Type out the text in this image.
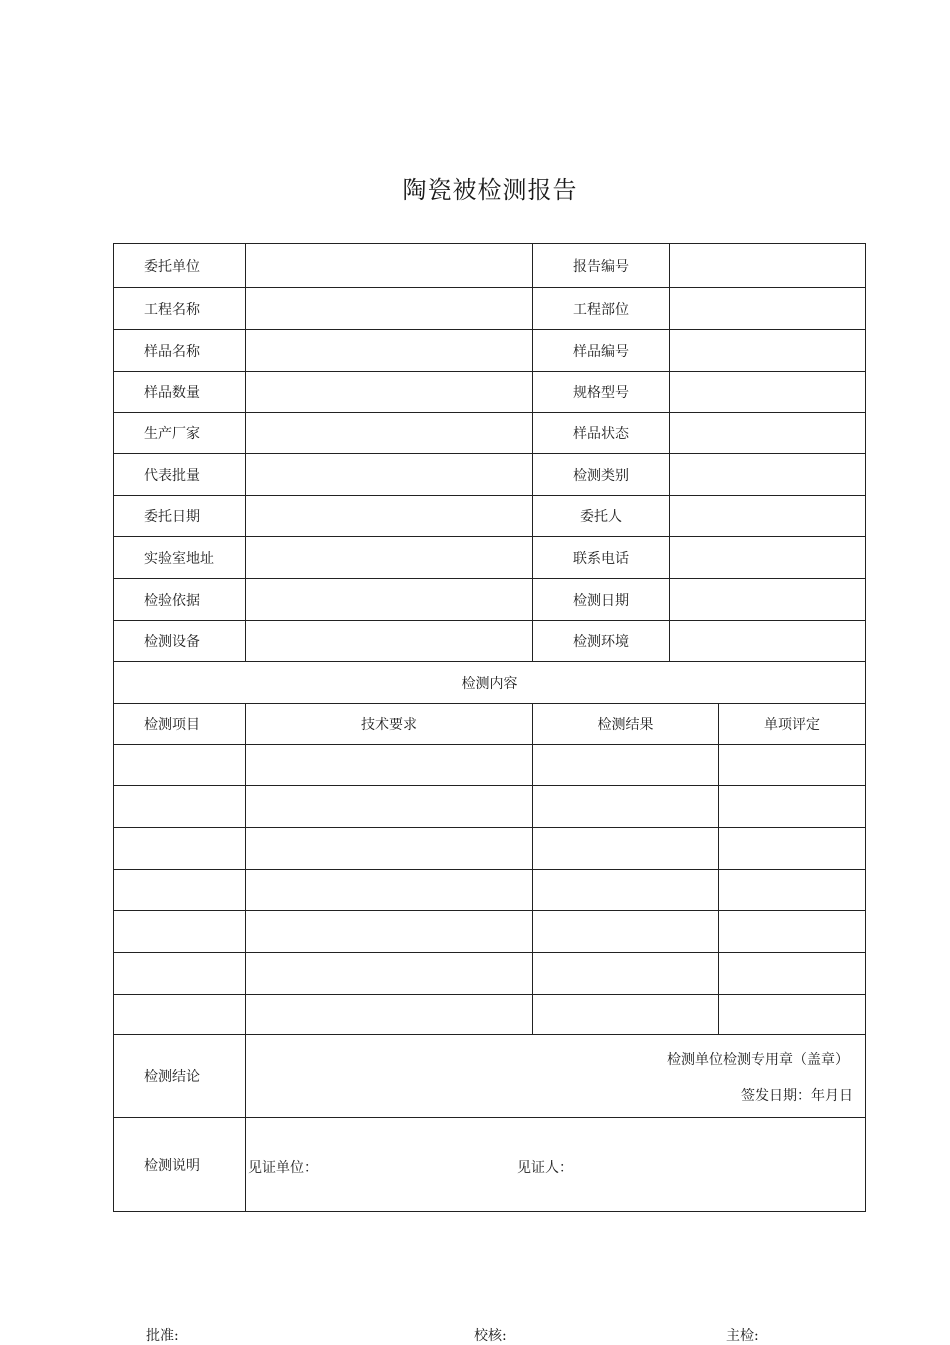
陶瓷被检测报告
委托单位		报告编号		
工程名称		工程部位		
样品名称		样品编号		
样品数量		规格型号		
生产厂家		样品状态		
代表批量		检测类别		
委托日期		委托人		
实验室地址		联系电话		
检验依据		检测日期		
检测设备		检测环境		
检测内容				
检测项目	技术要求	检测结果		单项评定

检测结论	检测单位检测专用章（盖章）
签发日期：年月日			

检测说明	见证单位： 见证人：			
批准:	校核:	主检:
